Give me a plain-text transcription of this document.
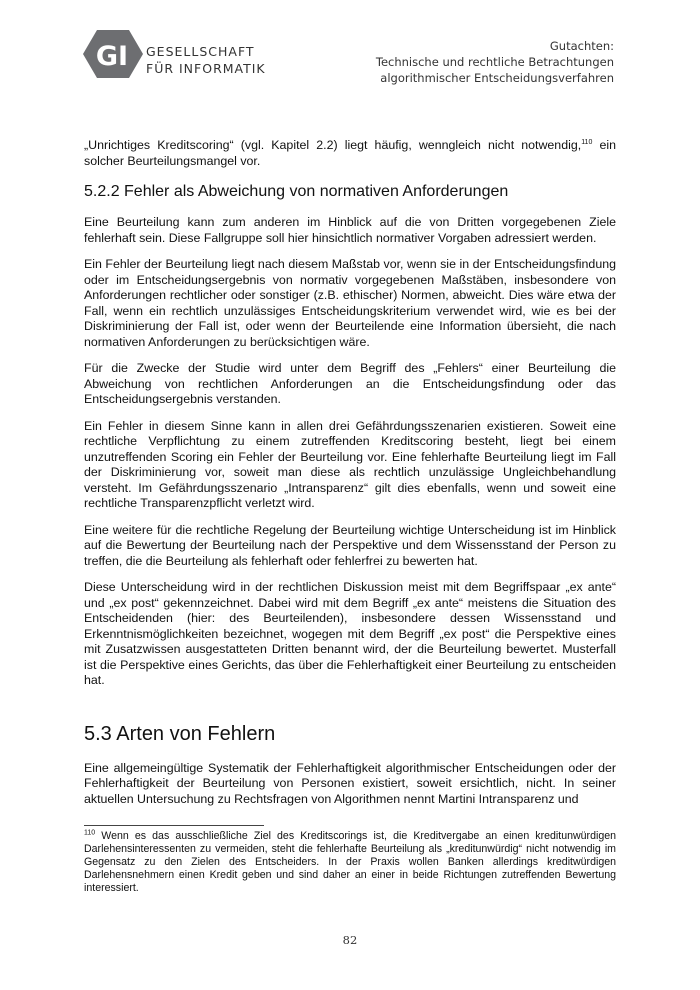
GI GESELLSCHAFT
FÜR INFORMATIK
Gutachten:
Technische und rechtliche Betrachtungen
algorithmischer Entscheidungsverfahren

„Unrichtiges Kreditscoring“ (vgl. Kapitel 2.2) liegt häufig, wenngleich nicht notwendig,$^{110}$ ein solcher Beurteilungsmangel vor.

5.2.2 Fehler als Abweichung von normativen Anforderungen

Eine Beurteilung kann zum anderen im Hinblick auf die von Dritten vorgegebenen Ziele fehlerhaft sein. Diese Fallgruppe soll hier hinsichtlich normativer Vorgaben adressiert werden.

Ein Fehler der Beurteilung liegt nach diesem Maßstab vor, wenn sie in der Entscheidungsfindung oder im Entscheidungsergebnis von normativ vorgegebenen Maßstäben, insbesondere von Anforderungen rechtlicher oder sonstiger (z.B. ethischer) Normen, abweicht. Dies wäre etwa der Fall, wenn ein rechtlich unzulässiges Entscheidungskriterium verwendet wird, wie es bei der Diskriminierung der Fall ist, oder wenn der Beurteilende eine Information übersieht, die nach normativen Anforderungen zu berücksichtigen wäre.

Für die Zwecke der Studie wird unter dem Begriff des „Fehlers“ einer Beurteilung die Abweichung von rechtlichen Anforderungen an die Entscheidungsfindung oder das Entscheidungsergebnis verstanden.

Ein Fehler in diesem Sinne kann in allen drei Gefährdungsszenarien existieren. Soweit eine rechtliche Verpflichtung zu einem zutreffenden Kreditscoring besteht, liegt bei einem unzutreffenden Scoring ein Fehler der Beurteilung vor. Eine fehlerhafte Beurteilung liegt im Fall der Diskriminierung vor, soweit man diese als rechtlich unzulässige Ungleichbehandlung versteht. Im Gefährdungsszenario „Intransparenz“ gilt dies ebenfalls, wenn und soweit eine rechtliche Transparenzpflicht verletzt wird.

Eine weitere für die rechtliche Regelung der Beurteilung wichtige Unterscheidung ist im Hinblick auf die Bewertung der Beurteilung nach der Perspektive und dem Wissensstand der Person zu treffen, die die Beurteilung als fehlerhaft oder fehlerfrei zu bewerten hat.

Diese Unterscheidung wird in der rechtlichen Diskussion meist mit dem Begriffspaar „ex ante“ und „ex post“ gekennzeichnet. Dabei wird mit dem Begriff „ex ante“ meistens die Situation des Entscheidenden (hier: des Beurteilenden), insbesondere dessen Wissensstand und Erkenntnismöglichkeiten bezeichnet, wogegen mit dem Begriff „ex post“ die Perspektive eines mit Zusatzwissen ausgestatteten Dritten benannt wird, der die Beurteilung bewertet. Musterfall ist die Perspektive eines Gerichts, das über die Fehlerhaftigkeit einer Beurteilung zu entscheiden hat.

5.3 Arten von Fehlern

Eine allgemeingültige Systematik der Fehlerhaftigkeit algorithmischer Entscheidungen oder der Fehlerhaftigkeit der Beurteilung von Personen existiert, soweit ersichtlich, nicht. In seiner aktuellen Untersuchung zu Rechtsfragen von Algorithmen nennt Martini Intransparenz und

$^{110}$ Wenn es das ausschließliche Ziel des Kreditscorings ist, die Kreditvergabe an einen kreditunwürdigen Darlehensinteressenten zu vermeiden, steht die fehlerhafte Beurteilung als „kreditunwürdig“ nicht notwendig im Gegensatz zu den Zielen des Entscheiders. In der Praxis wollen Banken allerdings kreditwürdigen Darlehensnehmern einen Kredit geben und sind daher an einer in beide Richtungen zutreffenden Bewertung interessiert.

82
